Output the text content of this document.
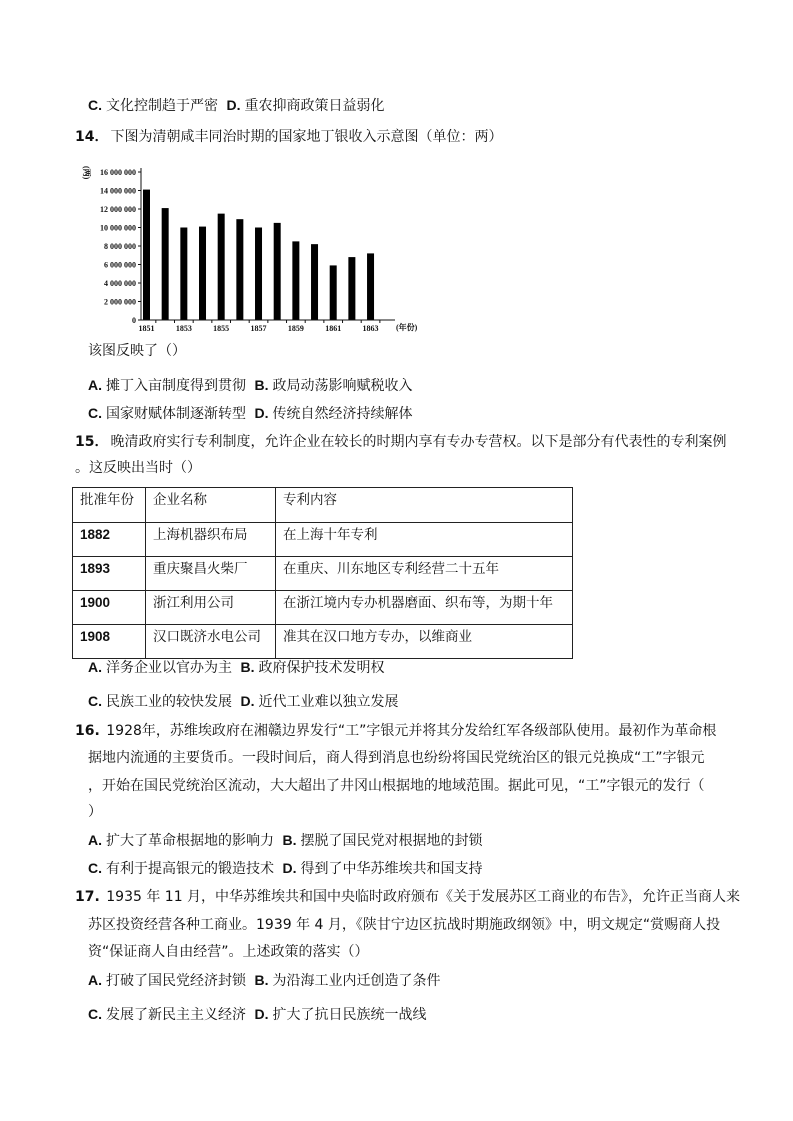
C. 文化控制趋于严密 D. 重农抑商政策日益弱化
14． 下图为清朝咸丰同治时期的国家地丁银收入示意图（单位：两）
0
2 000 000
4 000 000
6 000 000
8 000 000
10 000 000
12 000 000
14 000 000
16 000 000
1851	1853	1855	1857	1859	1861	1863
(两)
(年份)
该图反映了（）
A. 摊丁入亩制度得到贯彻 B. 政局动荡影响赋税收入
C. 国家财赋体制逐渐转型 D. 传统自然经济持续解体
15． 晚清政府实行专利制度，允许企业在较长的时期内享有专办专营权。以下是部分有代表性的专利案例
。这反映出当时（）
批准年份	企业名称	专利内容
1882	上海机器织布局	在上海十年专利
1893	重庆聚昌火柴厂	在重庆、川东地区专利经营二十五年
1900	浙江利用公司	在浙江境内专办机器磨面、织布等，为期十年
1908	汉口既济水电公司	准其在汉口地方专办，以维商业
A. 洋务企业以官办为主 B. 政府保护技术发明权
C. 民族工业的较快发展 D. 近代工业难以独立发展
16. 1928年，苏维埃政府在湘赣边界发行“工”字银元并将其分发给红军各级部队使用。最初作为革命根
据地内流通的主要货币。一段时间后，商人得到消息也纷纷将国民党统治区的银元兑换成“工”字银元
，开始在国民党统治区流动，大大超出了井冈山根据地的地域范围。据此可见，“工”字银元的发行（
）
A. 扩大了革命根据地的影响力 B. 摆脱了国民党对根据地的封锁
C. 有利于提高银元的锻造技术 D. 得到了中华苏维埃共和国支持
17. 1935 年 11 月，中华苏维埃共和国中央临时政府颁布《关于发展苏区工商业的布告》，允许正当商人来
苏区投资经营各种工商业。1939 年 4 月，《陕甘宁边区抗战时期施政纲领》中，明文规定“赏赐商人投
资“保证商人自由经营”。上述政策的落实（）
A. 打破了国民党经济封锁 B. 为沿海工业内迁创造了条件
C. 发展了新民主主义经济 D. 扩大了抗日民族统一战线
